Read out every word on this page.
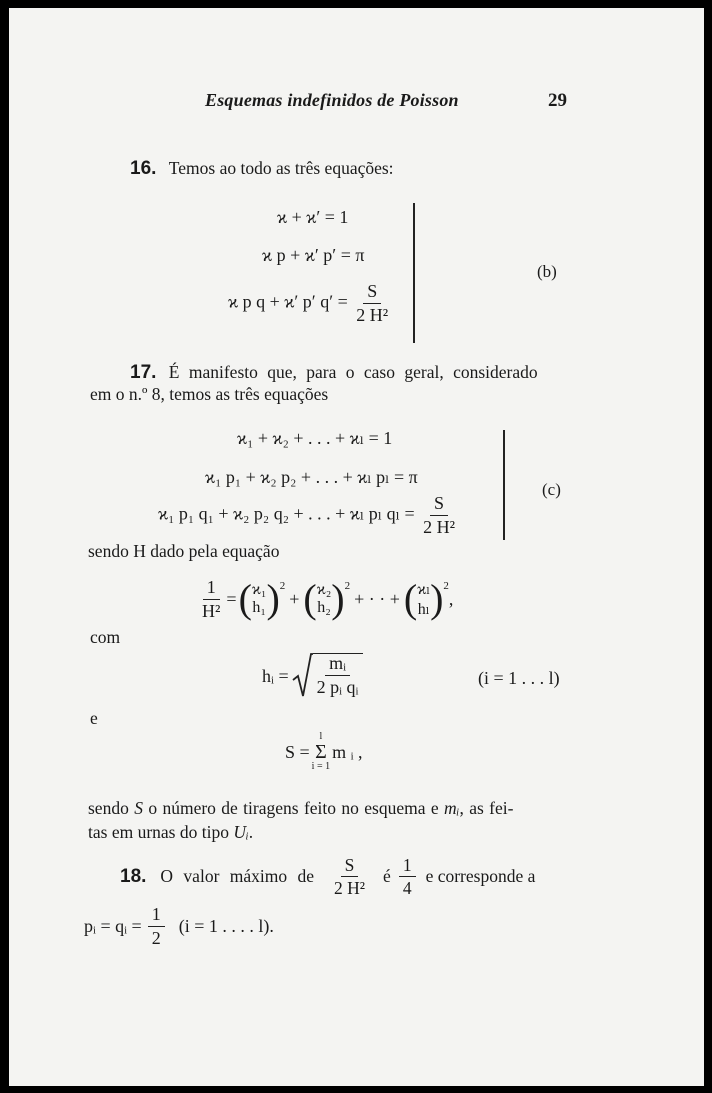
Esquemas indefinidos de Poisson	29
16. Temos ao todo as três equações:
ϰ + ϰ′ = 1
ϰ p + ϰ′ p′ = π
ϰ p q + ϰ′ p′ $q' = \frac{S}{\text{2 H²}}$
(b)
17. É manifesto que, para o caso geral, considerado
em o n.º 8, temos as três equações
ϰ₁ + ϰ₂ + . . . + ϰₗ = 1
ϰ₁ p₁ + ϰ₂ p₂ + . . . + ϰₗ pₗ = π
ϰ₁ p₁ q₁ + ϰ₂ p₂ q₂ + . . . + ϰₗ pₗ $q_l = \frac{S}{\text{2 H²}}$
(c)
sendo H dado pela equação
$\frac{1}{\text{H²}}$ = ( ϰ₁
h₁ )$^2$
+ ( ϰ₂
h₂ )$^2$
+ · · + ( ϰₗ
hₗ )$^2$
,
com
hᵢ = $\frac{\text{mᵢ}}{\text{2 pᵢ qᵢ}}$	(i = 1 . . . l)
e
S =
l
Σ
i = 1
m ᵢ ,
sendo S o número de tiragens feito no esquema e mᵢ, as fei-
tas em urnas do tipo Uᵢ.
18. O valor máximo de $\frac{S}{\text{2 H²}}$ é $\frac{1}{4}$ e corresponde a
pᵢ = qᵢ = $\frac{1}{2} (i = 1$ . . . . l).
